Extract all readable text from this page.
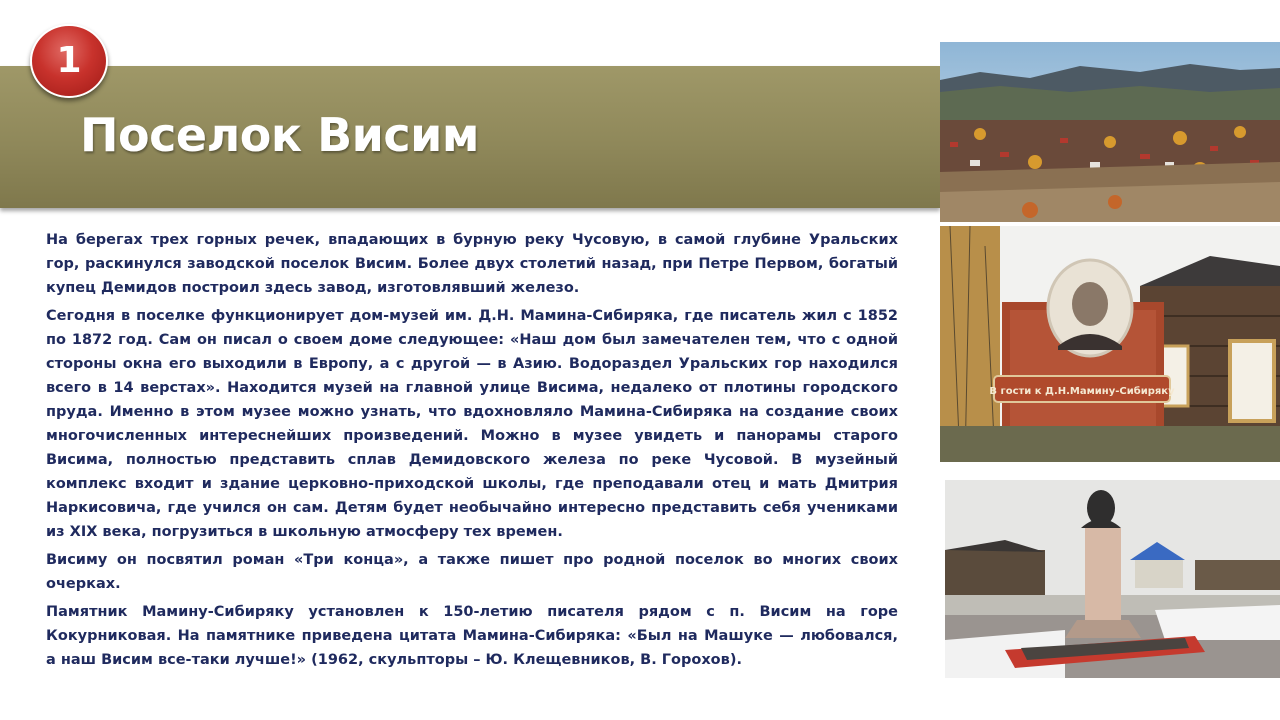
Поселок Висим
1

На берегах трех горных речек, впадающих в бурную реку Чусовую, в самой глубине Уральских гор, раскинулся заводской поселок Висим. Более двух столетий назад, при Петре Первом, богатый купец Демидов построил здесь завод, изготовлявший железо.

Сегодня в поселке функционирует дом-музей им. Д.Н. Мамина-Сибиряка, где писатель жил с 1852 по 1872 год. Сам он писал о своем доме следующее: «Наш дом был замечателен тем, что с одной стороны окна его выходили в Европу, а с другой — в Азию. Водораздел Уральских гор находился всего в 14 верстах». Находится музей на главной улице Висима, недалеко от плотины городского пруда. Именно в этом музее можно узнать, что вдохновляло Мамина-Сибиряка на создание своих многочисленных интереснейших произведений. Можно в музее увидеть и панорамы старого Висима, полностью представить сплав Демидовского железа по реке Чусовой. В музейный комплекс входит и здание церковно-приходской школы, где преподавали отец и мать Дмитрия Наркисовича, где учился он сам. Детям будет необычайно интересно представить себя учениками из XIX века, погрузиться в школьную атмосферу тех времен.

Висиму он посвятил роман «Три конца», а также пишет про родной поселок во многих своих очерках.

Памятник Мамину-Сибиряку установлен к 150-летию писателя рядом с п. Висим на горе Кокурниковая. На памятнике приведена цитата Мамина-Сибиряка: «Был на Машуке — любовался, а наш Висим все-таки лучше!» (1962, скульпторы – Ю. Клещевников, В. Горохов).

В гости к Д.Н.Мамину-Сибиряку
